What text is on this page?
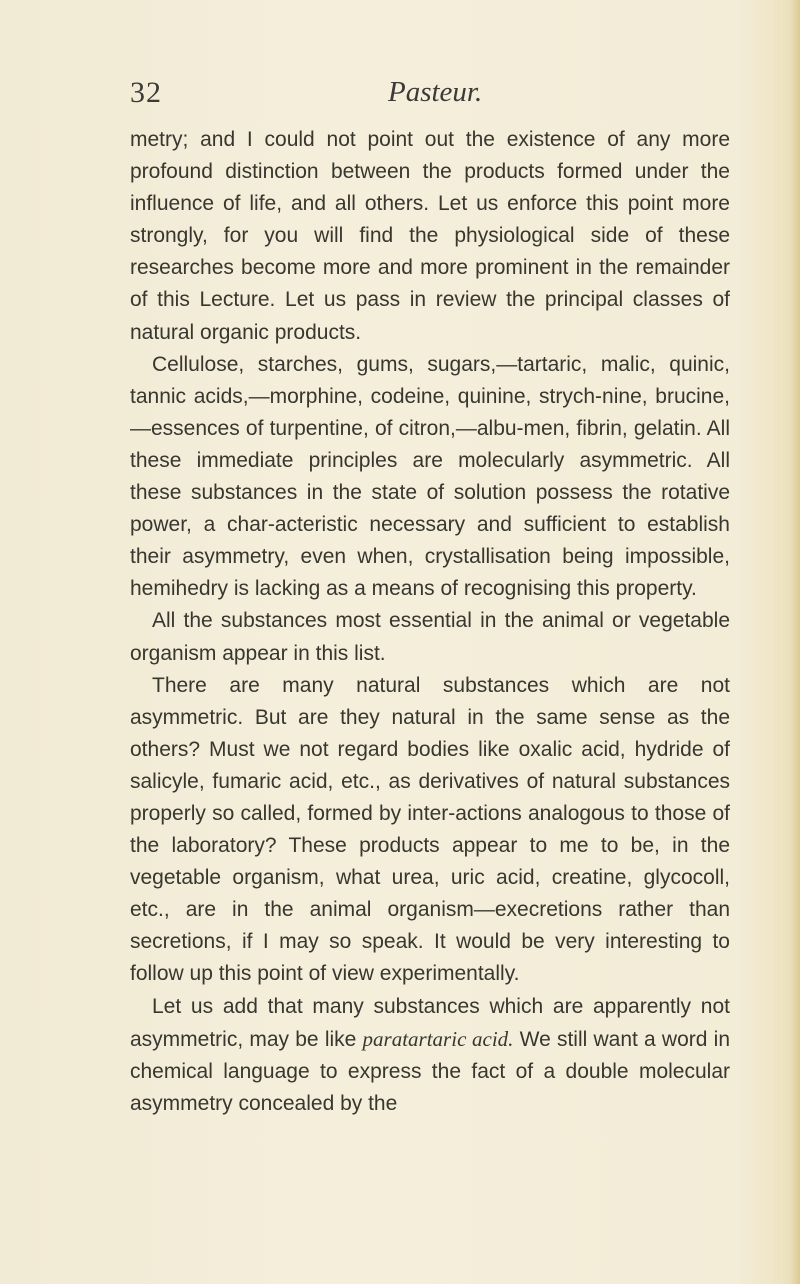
32	Pasteur.

metry; and I could not point out the existence of any more profound distinction between the products formed under the influence of life, and all others. Let us enforce this point more strongly, for you will find the physiological side of these researches become more and more prominent in the remainder of this Lecture. Let us pass in review the principal classes of natural organic products.

Cellulose, starches, gums, sugars,—tartaric, malic, quinic, tannic acids,—morphine, codeine, quinine, strych-nine, brucine,—essences of turpentine, of citron,—albu-men, fibrin, gelatin. All these immediate principles are molecularly asymmetric. All these substances in the state of solution possess the rotative power, a char-acteristic necessary and sufficient to establish their asymmetry, even when, crystallisation being impossible, hemihedry is lacking as a means of recognising this property.

All the substances most essential in the animal or vegetable organism appear in this list.

There are many natural substances which are not asymmetric. But are they natural in the same sense as the others? Must we not regard bodies like oxalic acid, hydride of salicyle, fumaric acid, etc., as derivatives of natural substances properly so called, formed by inter-actions analogous to those of the laboratory? These products appear to me to be, in the vegetable organism, what urea, uric acid, creatine, glycocoll, etc., are in the animal organism—execretions rather than secretions, if I may so speak. It would be very interesting to follow up this point of view experimentally.

Let us add that many substances which are apparently not asymmetric, may be like paratartaric acid. We still want a word in chemical language to express the fact of a double molecular asymmetry concealed by the
